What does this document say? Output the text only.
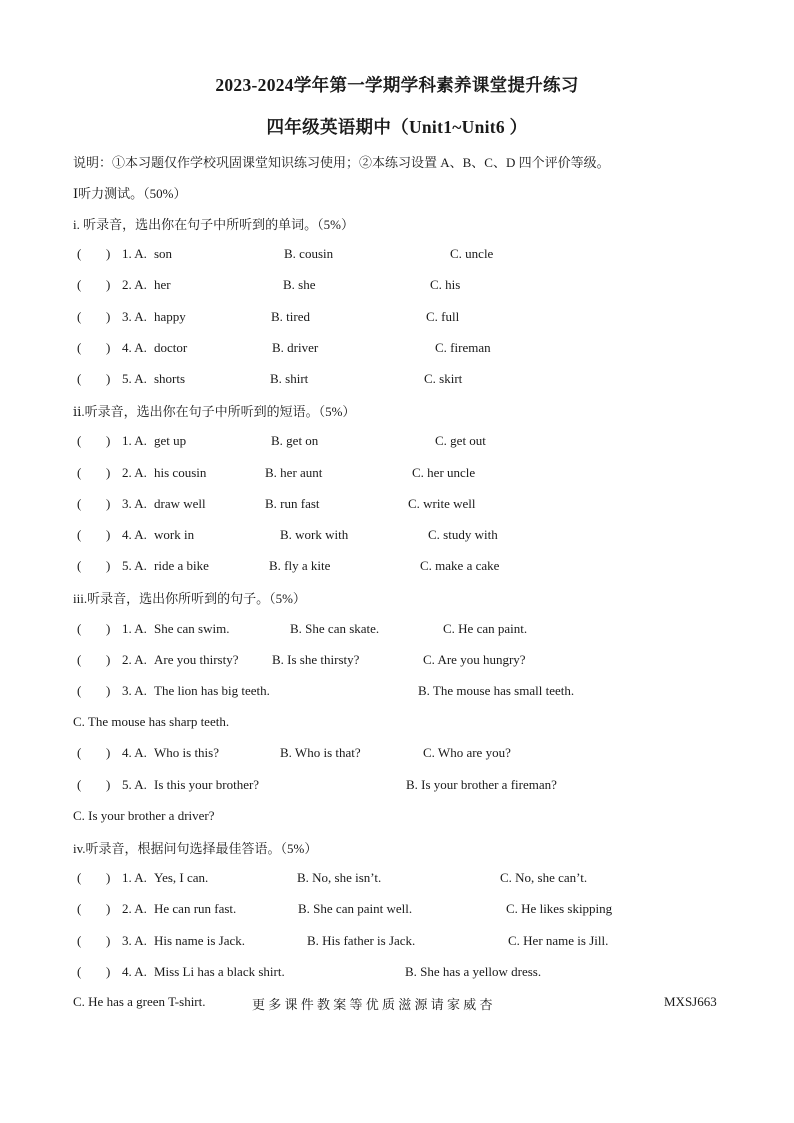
2023-2024学年第一学期学科素养课堂提升练习
四年级英语期中（Unit1~Unit6 ）
说明：①本习题仅作学校巩固课堂知识练习使用；②本练习设置 A、B、C、D 四个评价等级。
Ⅰ听力测试。（50%）
i. 听录音，选出你在句子中所听到的单词。（5%）
( ) 1. A. son	B. cousin	C. uncle
( ) 2. A. her	B. she	C. his
( ) 3. A. happy	B. tired	C. full
( ) 4. A. doctor	B. driver	C. fireman
( ) 5. A. shorts	B. shirt	C. skirt
ⅱ.听录音，选出你在句子中所听到的短语。（5%）
( ) 1. A. get up	B. get on	C. get out
( ) 2. A. his cousin	B. her aunt	C. her uncle
( ) 3. A. draw well	B. run fast	C. write well
( ) 4. A. work in	B. work with	C. study with
( ) 5. A. ride a bike	B. fly a kite	C. make a cake
iii.听录音，选出你所听到的句子。（5%）
( ) 1. A. She can swim.	B. She can skate.	C. He can paint.
( ) 2. A. Are you thirsty?	B. Is she thirsty?	C. Are you hungry?
( ) 3. A. The lion has big teeth.	B. The mouse has small teeth.
C. The mouse has sharp teeth.
( ) 4. A. Who is this?	B. Who is that?	C. Who are you?
( ) 5. A. Is this your brother?	B. Is your brother a fireman?
C. Is your brother a driver?
iv.听录音，根据问句选择最佳答语。（5%）
( ) 1. A. Yes, I can.	B. No, she isn’t.	C. No, she can’t.
( ) 2. A. He can run fast.	B. She can paint well.	C. He likes skipping
( ) 3. A. His name is Jack.	B. His father is Jack.	C. Her name is Jill.
( ) 4. A. Miss Li has a black shirt.	B. She has a yellow dress.
C. He has a green T-shirt.	更 多 课 件 教 案 等 优 质 滋 源 请 家 威 杏	MXSJ663
